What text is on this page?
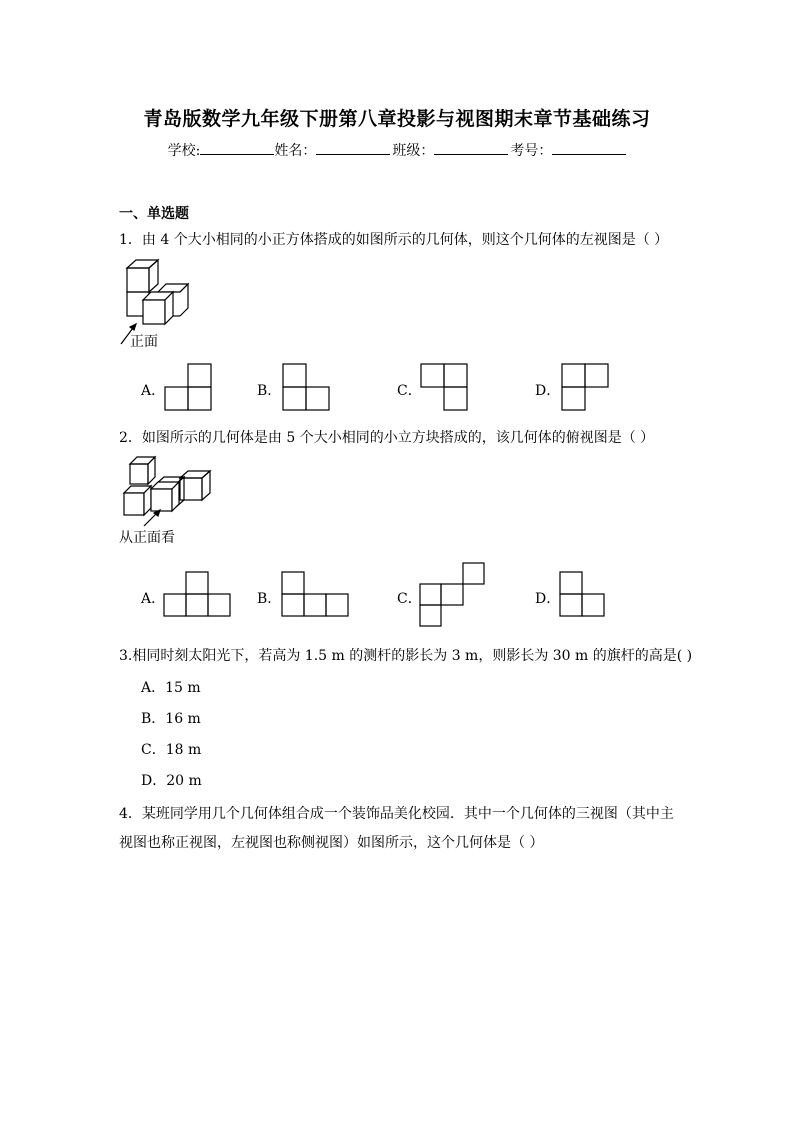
青岛版数学九年级下册第八章投影与视图期末章节基础练习
学校:	姓名：	班级：	考号：
一、单选题
1．由 4 个大小相同的小正方体搭成的如图所示的几何体，则这个几何体的左视图是（ ）
正面
A．	B．	C．	D．
2．如图所示的几何体是由 5 个大小相同的小立方块搭成的，该几何体的俯视图是（ ）
从正面看
A．	B．	C．	D．
3.相同时刻太阳光下，若高为 1.5 m 的测杆的影长为 3 m，则影长为 30 m 的旗杆的高是( )
A．15 m
B．16 m
C．18 m
D．20 m
4．某班同学用几个几何体组合成一个装饰品美化校园．其中一个几何体的三视图（其中主视图也称正视图，左视图也称侧视图）如图所示，这个几何体是（ ）
